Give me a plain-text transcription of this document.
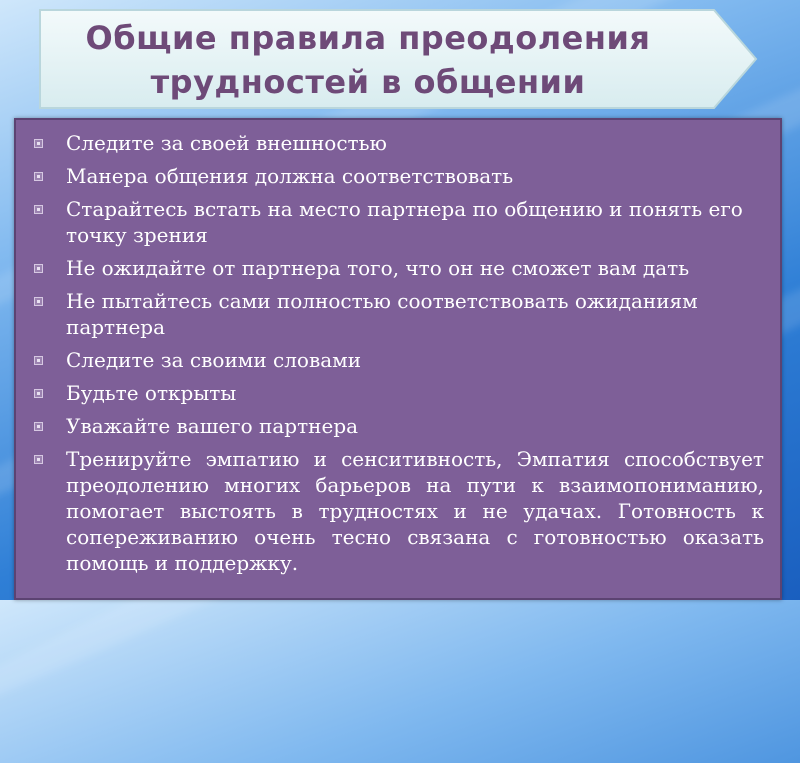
Общие правила преодоления
трудностей в общении
Следите за своей внешностью
Манера общения должна соответствовать
Старайтесь встать на место партнера по общению и понять его точку зрения
Не ожидайте от партнера того, что он не сможет вам дать
Не пытайтесь сами полностью соответствовать ожиданиям партнера
Следите за своими словами
Будьте открыты
Уважайте вашего партнера
Тренируйте эмпатию и сенситивность, Эмпатия способствует преодолению многих барьеров на пути к взаимопониманию, помогает выстоять в трудностях и не удачах. Готовность к сопереживанию очень тесно связана с готовностью оказать помощь и поддержку.
